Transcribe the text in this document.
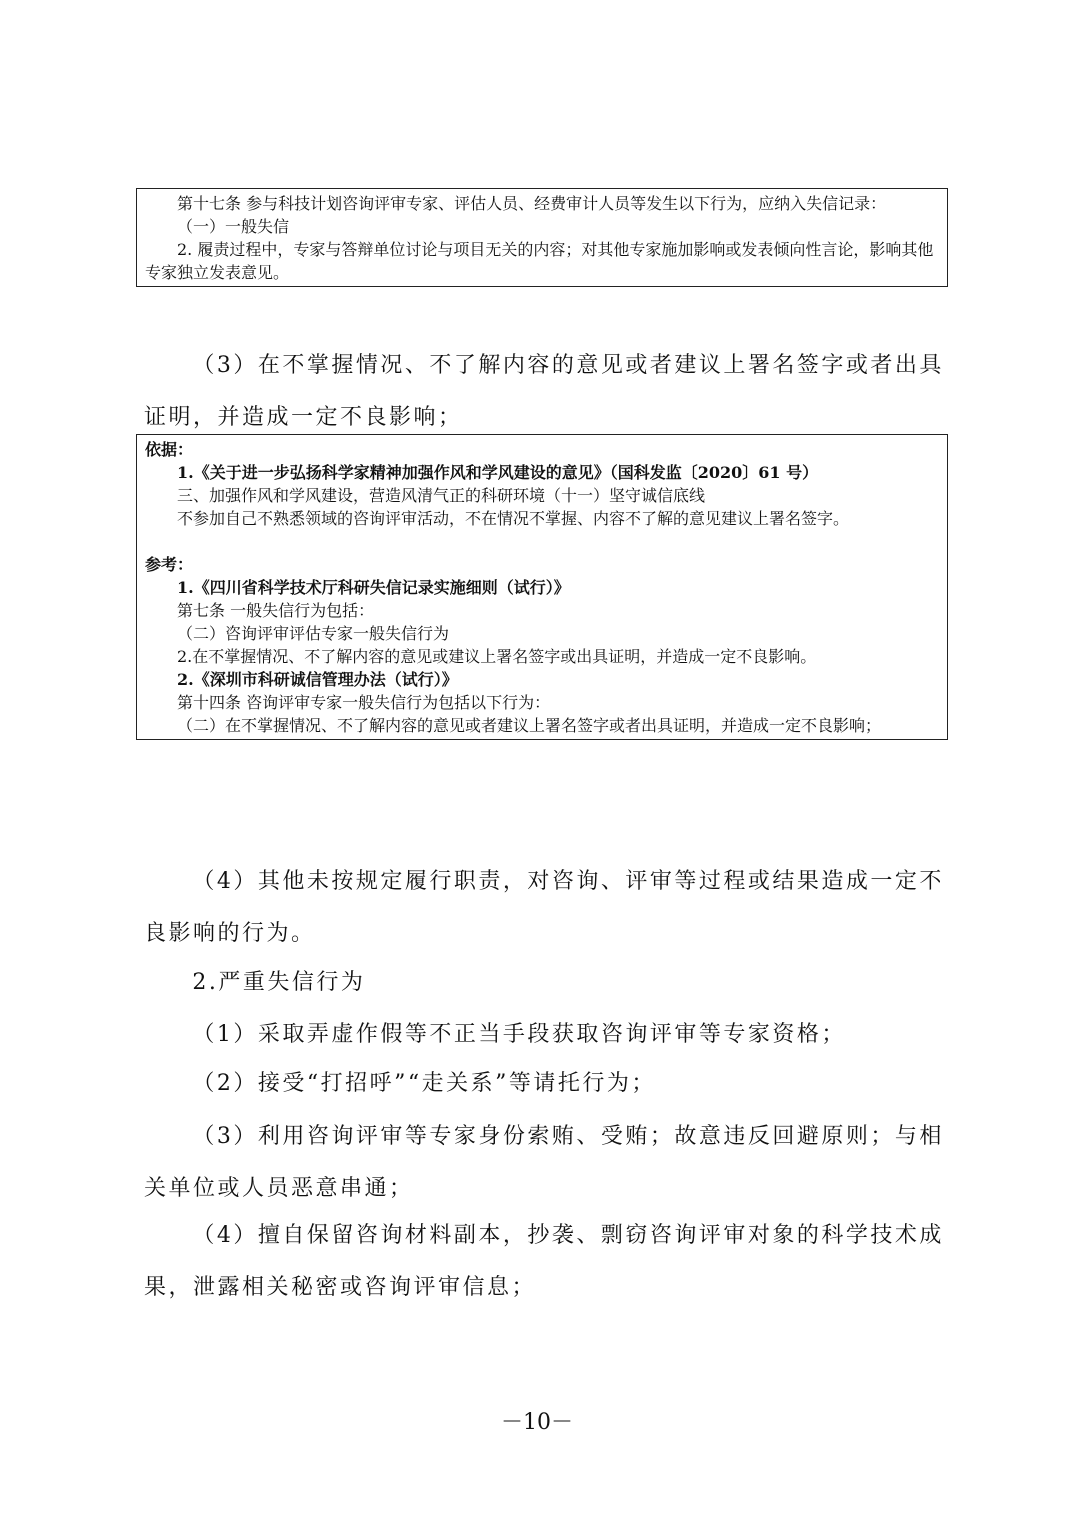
第十七条 参与科技计划咨询评审专家、评估人员、经费审计人员等发生以下行为，应纳入失信记录：

（一）一般失信

2. 履责过程中，专家与答辩单位讨论与项目无关的内容；对其他专家施加影响或发表倾向性言论，影响其他专家独立发表意见。

（3）在不掌握情况、不了解内容的意见或者建议上署名签字或者出具证明，并造成一定不良影响；

依据：

1.《关于进一步弘扬科学家精神加强作风和学风建设的意见》（国科发监〔2020〕61 号）

三、加强作风和学风建设，营造风清气正的科研环境（十一）坚守诚信底线

不参加自己不熟悉领域的咨询评审活动，不在情况不掌握、内容不了解的意见建议上署名签字。

参考：

1.《四川省科学技术厅科研失信记录实施细则（试行）》

第七条 一般失信行为包括：

（二）咨询评审评估专家一般失信行为

2.在不掌握情况、不了解内容的意见或建议上署名签字或出具证明，并造成一定不良影响。

2.《深圳市科研诚信管理办法（试行）》

第十四条 咨询评审专家一般失信行为包括以下行为：

（二）在不掌握情况、不了解内容的意见或者建议上署名签字或者出具证明，并造成一定不良影响；

（4）其他未按规定履行职责，对咨询、评审等过程或结果造成一定不良影响的行为。

2.严重失信行为

（1）采取弄虚作假等不正当手段获取咨询评审等专家资格；

（2）接受“打招呼”“走关系”等请托行为；

（3）利用咨询评审等专家身份索贿、受贿；故意违反回避原则；与相关单位或人员恶意串通；

（4）擅自保留咨询材料副本，抄袭、剽窃咨询评审对象的科学技术成果，泄露相关秘密或咨询评审信息；

－10－
